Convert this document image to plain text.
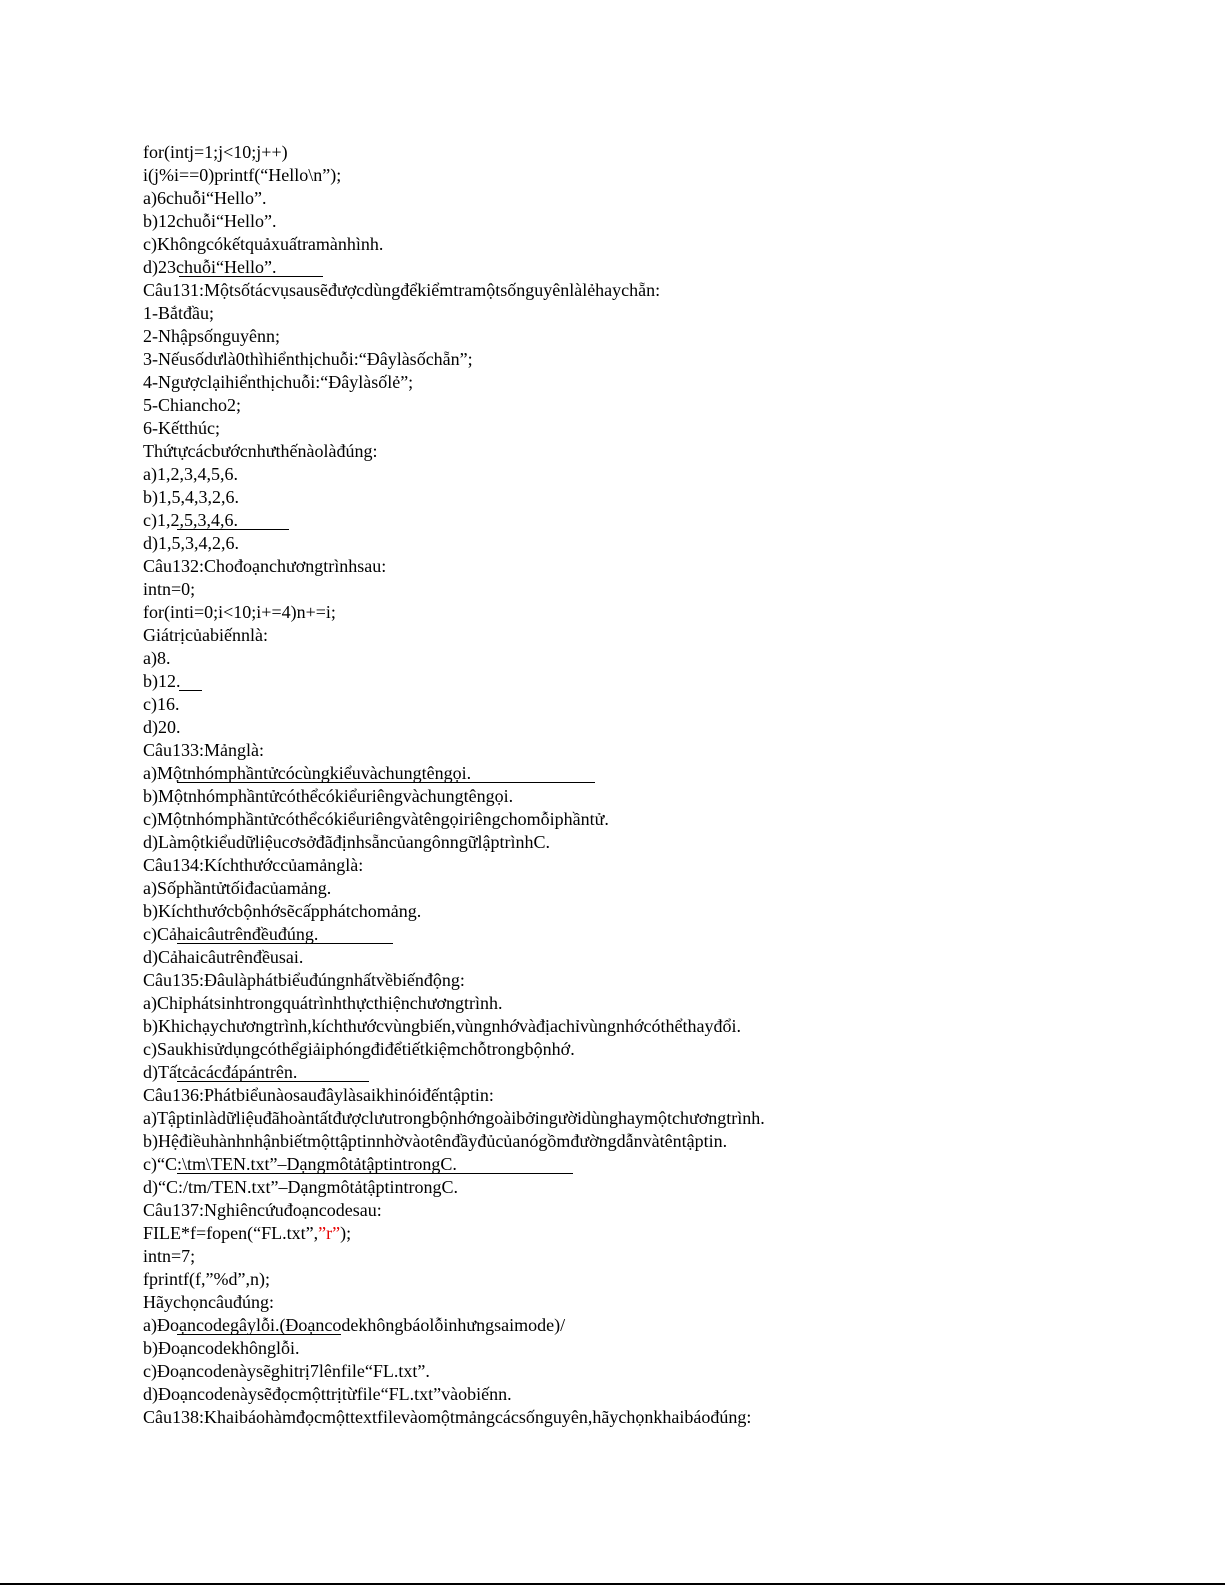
for(intj=1;j<10;j++)
i(j%i==0)printf(“Hello\n”);
a)6chuỗi“Hello”.
b)12chuỗi“Hello”.
c)Khôngcókếtquảxuấtramànhình.
d)23chuỗi“Hello”.
Câu131:Mộtsốtácvụsausẽđượcdùngđểkiểmtramộtsốnguyênlàlẻhaychẵn:
1-Bắtđầu;
2-Nhậpsốnguyênn;
3-Nếusốdưlà0thìhiểnthịchuỗi:“Đâylàsốchẵn”;
4-Ngượclạihiểnthịchuỗi:“Đâylàsốlẻ”;
5-Chiancho2;
6-Kếtthúc;
Thứtựcácbướcnhưthếnàolàđúng:
a)1,2,3,4,5,6.
b)1,5,4,3,2,6.
c)1,2,5,3,4,6.
d)1,5,3,4,2,6.
Câu132:Chođoạnchươngtrìnhsau:
intn=0;
for(inti=0;i<10;i+=4)n+=i;
Giátrịcủabiếnnlà:
a)8.
b)12.
c)16.
d)20.
Câu133:Mảnglà:
a)Mộtnhómphầntửcócùngkiểuvàchungtêngọi.
b)Mộtnhómphầntửcóthểcókiểuriêngvàchungtêngọi.
c)Mộtnhómphầntửcóthểcókiểuriêngvàtêngọiriêngchomỗiphầntử.
d)LàmộtkiểudữliệucơsởđãđịnhsẵncủangônngữlậptrìnhC.
Câu134:Kíchthướccủamảnglà:
a)Sốphầntửtốiđacủamảng.
b)Kíchthướcbộnhớsẽcấpphátchomảng.
c)Cảhaicâutrênđềuđúng.
d)Cảhaicâutrênđềusai.
Câu135:Đâulàphátbiểuđúngnhấtvềbiếnđộng:
a)Chỉphátsinhtrongquátrìnhthựcthiệnchươngtrình.
b)Khichạychươngtrình,kíchthướcvùngbiến,vùngnhớvàđịachỉvùngnhớcóthểthayđổi.
c)Saukhisửdụngcóthểgiảiphóngđiđểtiếtkiệmchỗtrongbộnhớ.
d)Tấtcảcácđápántrên.
Câu136:Phátbiểunàosauđâylàsaikhinóiđếntậptin:
a)Tậptinlàdữliệuđãhoàntấtđượclưutrongbộnhớngoàibởingườidùnghaymộtchươngtrình.
b)Hệđiềuhànhnhậnbiếtmộttậptinnhờvàotênđầyđủcủanógồmđườngdẫnvàtêntậptin.
c)“C:\tm\TEN.txt”–DạngmôtảtậptintrongC.
d)“C:/tm/TEN.txt”–DạngmôtảtậptintrongC.
Câu137:Nghiêncứuđoạncodesau:
FILE*f=fopen(“FL.txt”,”r”);
intn=7;
fprintf(f,”%d”,n);
Hãychọncâuđúng:
a)Đoạncodegâylỗi.(Đoạncodekhôngbáolỗinhưngsaimode)/
b)Đoạncodekhônglỗi.
c)Đoạncodenàysẽghitrị7lênfile“FL.txt”.
d)Đoạncodenàysẽđọcmộttrịtừfile“FL.txt”vàobiếnn.
Câu138:Khaibáohàmđọcmộttextfilevàomộtmảngcácsốnguyên,hãychọnkhaibáođúng:
